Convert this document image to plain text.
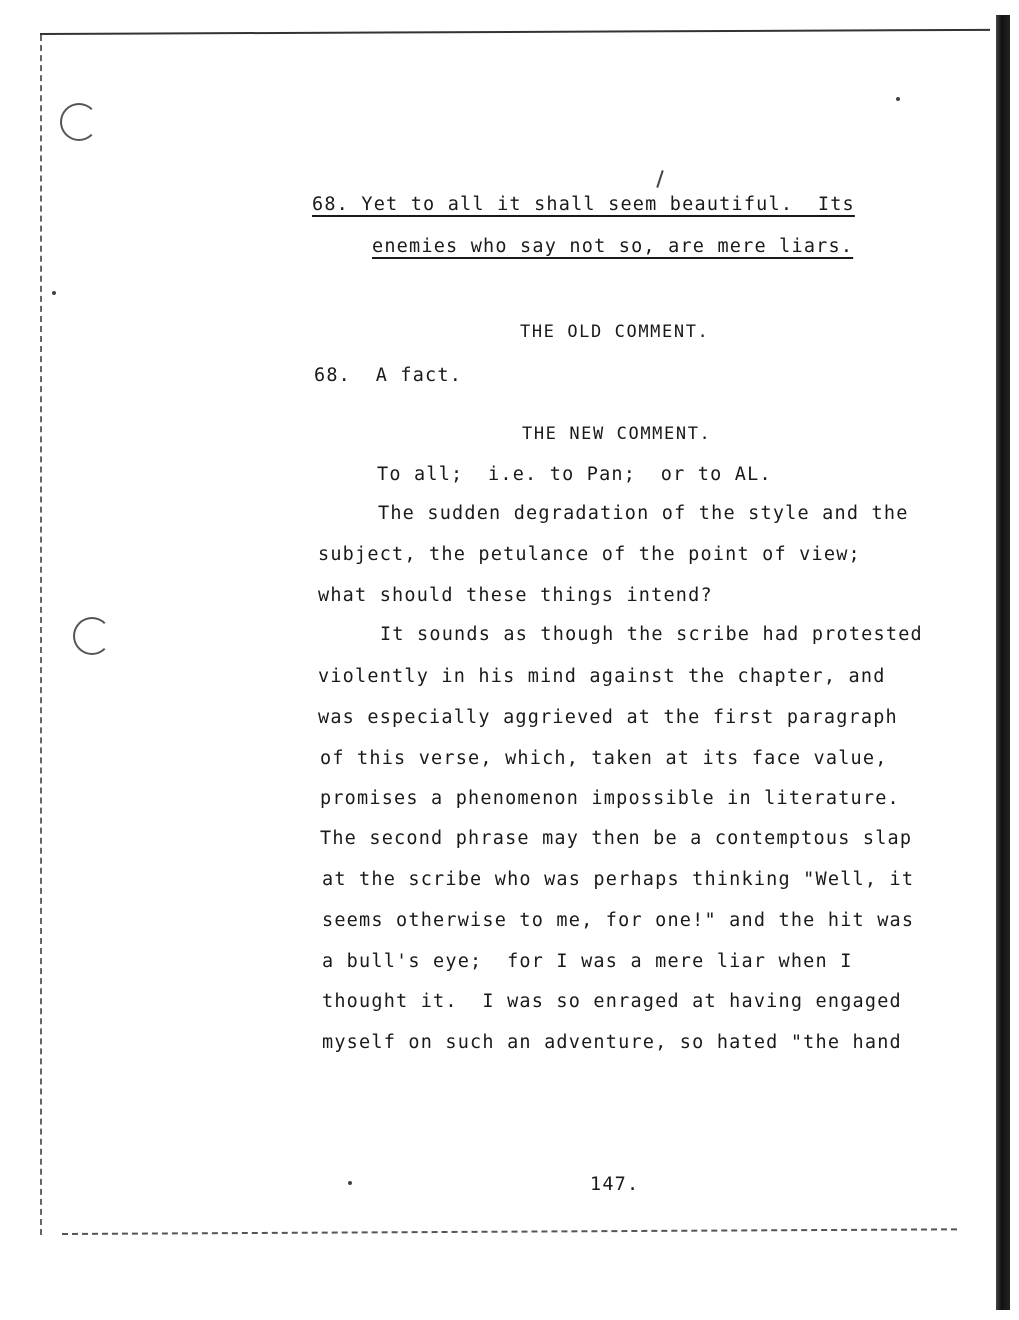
68. Yet to all it shall seem beautiful.  Its
enemies who say not so, are mere liars.
THE OLD COMMENT.
68.  A fact.
THE NEW COMMENT.
To all;  i.e. to Pan;  or to AL.
The sudden degradation of the style and the
subject, the petulance of the point of view;
what should these things intend?
It sounds as though the scribe had protested
violently in his mind against the chapter, and
was especially aggrieved at the first paragraph
of this verse, which, taken at its face value,
promises a phenomenon impossible in literature.
The second phrase may then be a contemptous slap
at the scribe who was perhaps thinking "Well, it
seems otherwise to me, for one!" and the hit was
a bull's eye;  for I was a mere liar when I
thought it.  I was so enraged at having engaged
myself on such an adventure, so hated "the hand
147.
